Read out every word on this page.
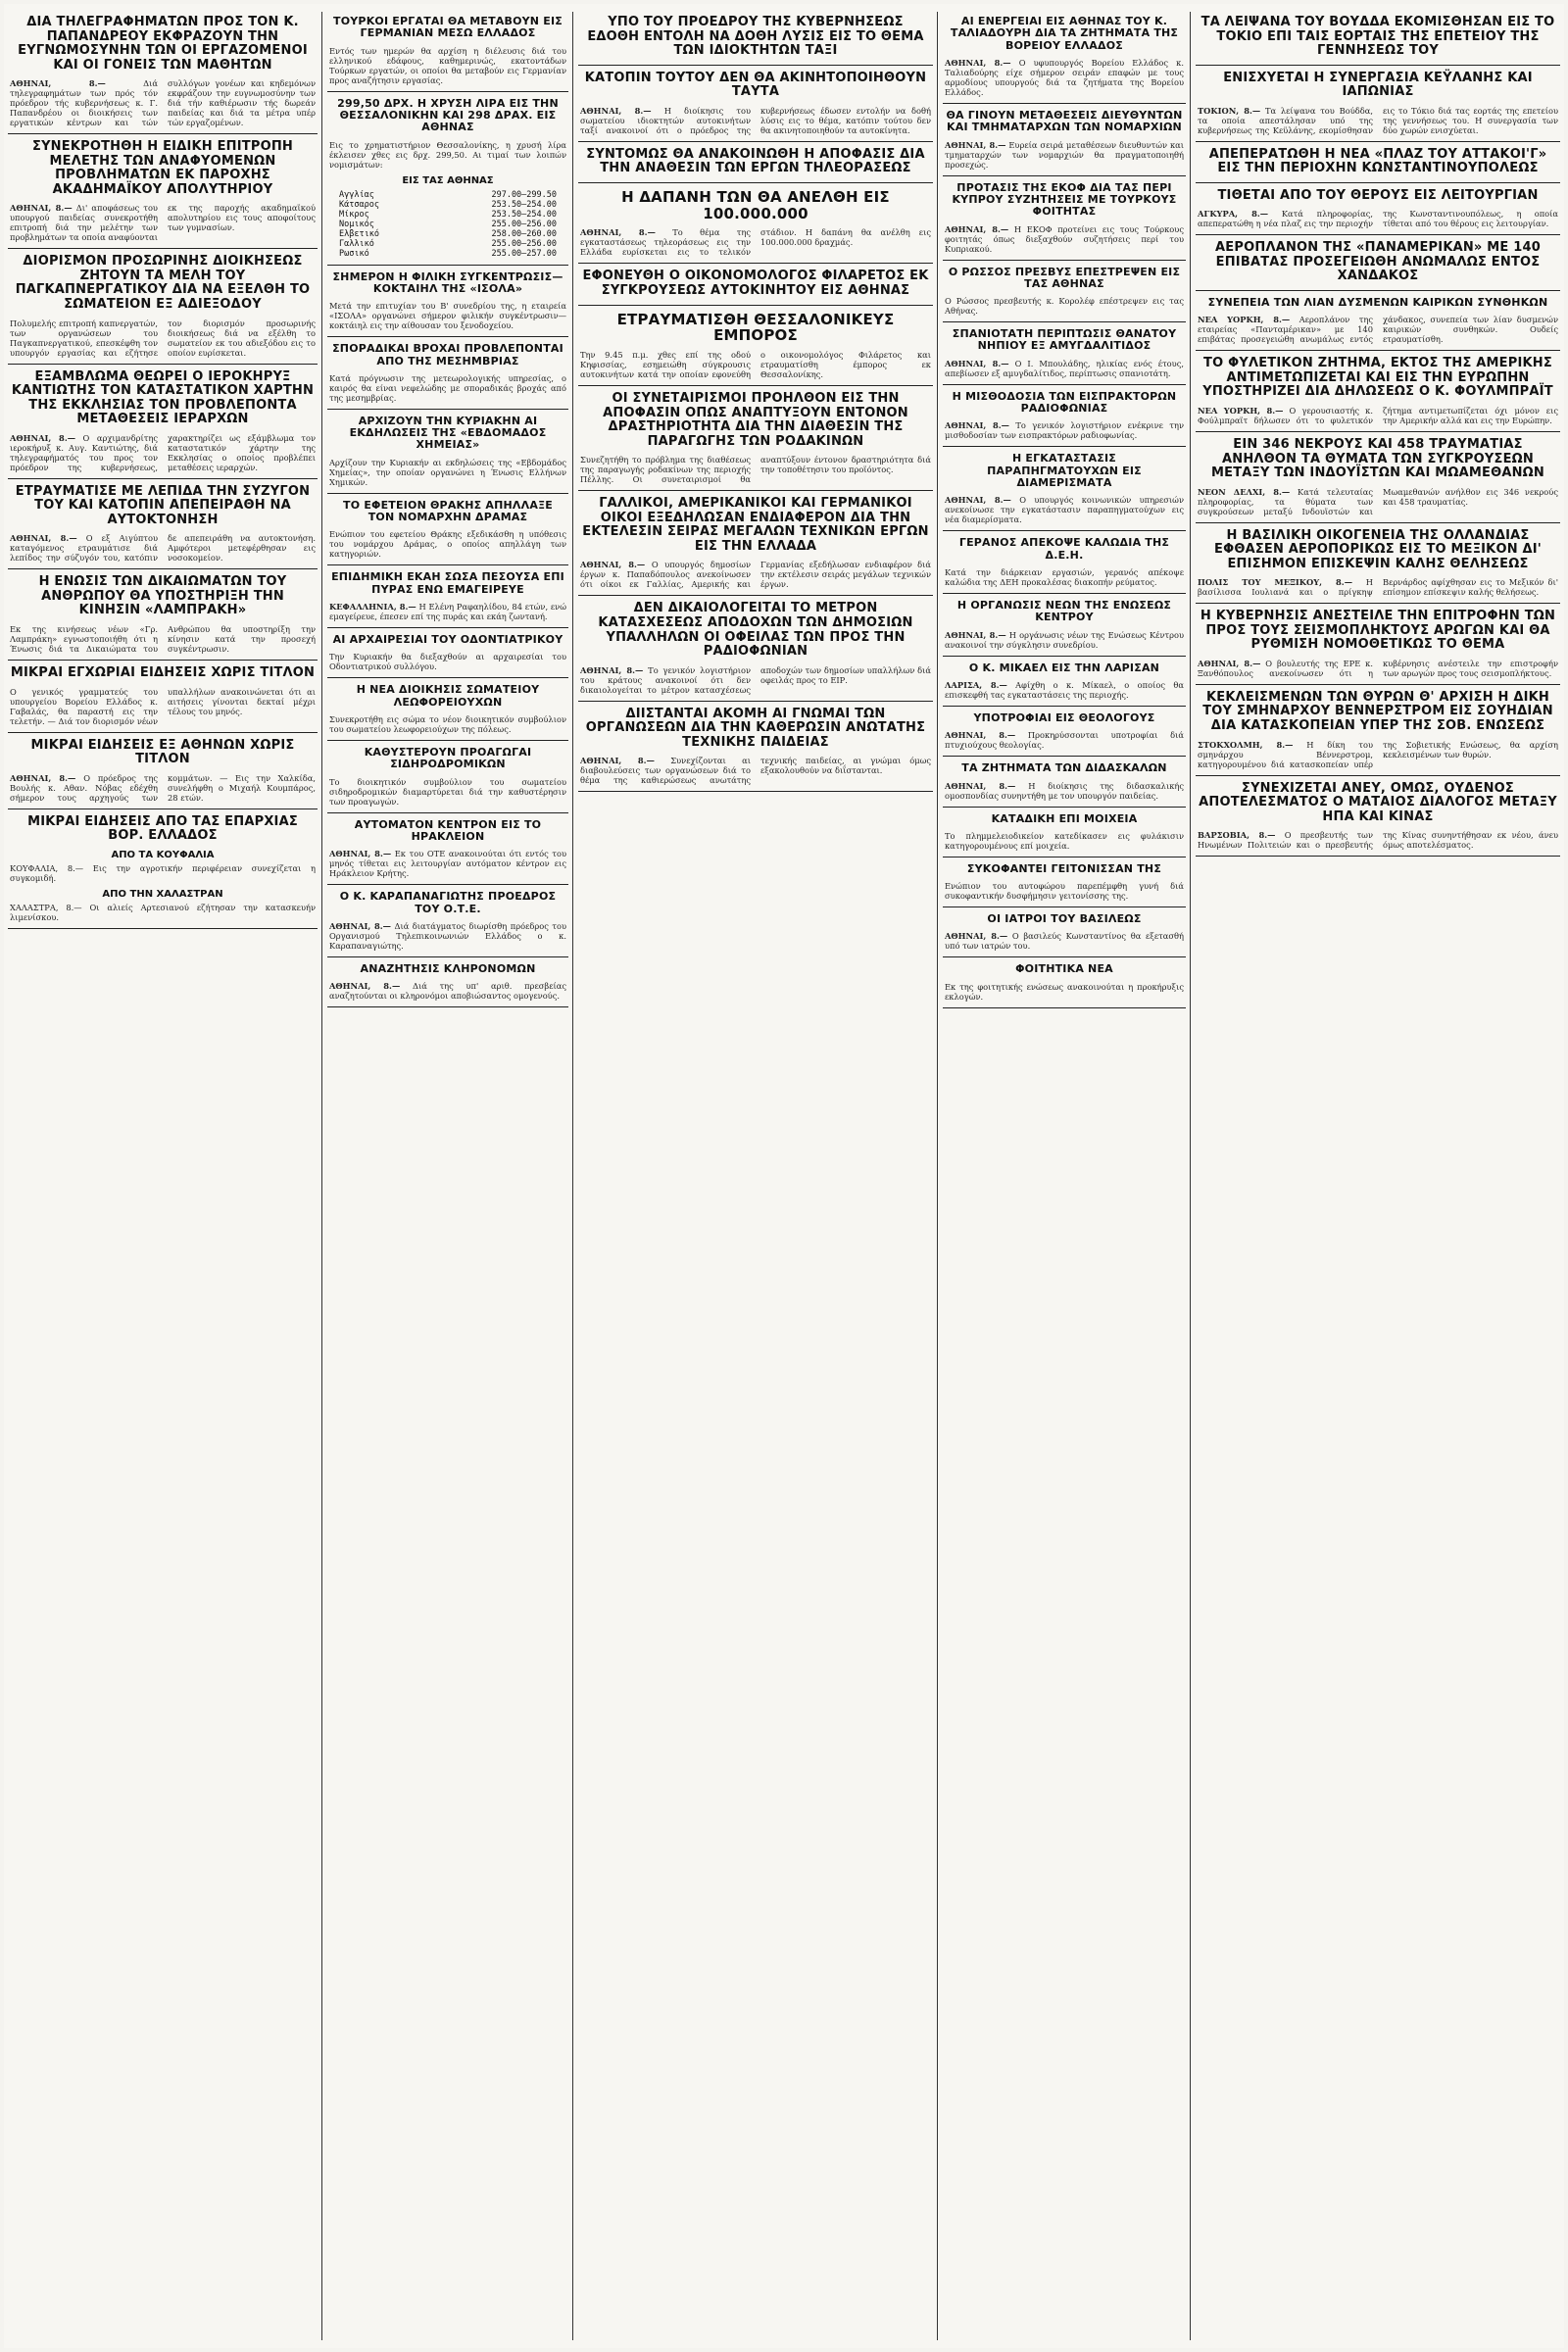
ΔΙΑ ΤΗΛΕΓΡΑΦΗΜΑΤΩΝ ΠΡΟΣ ΤΟΝ Κ. ΠΑΠΑΝΔΡΕΟΥ ΕΚΦΡΑΖΟΥΝ ΤΗΝ ΕΥΓΝΩΜΟΣΥΝΗΝ ΤΩΝ ΟΙ ΕΡΓΑΖΟΜΕΝΟΙ ΚΑΙ ΟΙ ΓΟΝΕΙΣ ΤΩΝ ΜΑΘΗΤΩΝ
ΑΘΗΝΑΙ, 8.—	Διά τηλεγραφημάτων των πρός τόν πρόεδρον τής κυβερνήσεως κ. Γ. Παπανδρέου οι διοικήσεις των εργατικών κέντρων και τών συλλόγων γονέων και κηδεμόνων εκφράζουν την ευγνωμοσύνην των διά τήν καθιέρωσιν τής δωρεάν παιδείας και διά τα μέτρα υπέρ τών εργαζομένων.
ΣΥΝΕΚΡΟΤΗΘΗ Η ΕΙΔΙΚΗ ΕΠΙΤΡΟΠΗ ΜΕΛΕΤΗΣ ΤΩΝ ΑΝΑΦΥΟΜΕΝΩΝ ΠΡΟΒΛΗΜΑΤΩΝ ΕΚ ΠΑΡΟΧΗΣ ΑΚΑΔΗΜΑΪΚΟΥ ΑΠΟΛΥΤΗΡΙΟΥ
ΑΘΗΝΑΙ, 8.— Δι' αποφάσεως του υπουργού παιδείας συνεκροτήθη επιτροπή διά την μελέτην των προβλημάτων τα οποία αναφύονται εκ της παροχής ακαδημαϊκού απολυτηρίου εις τους αποφοίτους των γυμνασίων.
ΔΙΟΡΙΣΜΟΝ ΠΡΟΣΩΡΙΝΗΣ ΔΙΟΙΚΗΣΕΩΣ ΖΗΤΟΥΝ ΤΑ ΜΕΛΗ ΤΟΥ ΠΑΓΚΑΠΝΕΡΓΑΤΙΚΟΥ ΔΙΑ ΝΑ ΕΞΕΛΘΗ ΤΟ ΣΩΜΑΤΕΙΟΝ ΕΞ ΑΔΙΕΞΟΔΟΥ
Πολυμελής επιτροπή καπνεργατών, των οργανώσεων του Παγκαπνεργατικού, επεσκέφθη τον υπουργόν εργασίας και εζήτησε τον διορισμόν προσωρινής διοικήσεως διά να εξέλθη το σωματείον εκ του αδιεξόδου εις το οποίον ευρίσκεται.
ΕΞΑΜΒΛΩΜΑ ΘΕΩΡΕΙ Ο ΙΕΡΟΚΗΡΥΞ ΚΑΝΤΙΩΤΗΣ ΤΟΝ ΚΑΤΑΣΤΑΤΙΚΟΝ ΧΑΡΤΗΝ ΤΗΣ ΕΚΚΛΗΣΙΑΣ ΤΟΝ ΠΡΟΒΛΕΠΟΝΤΑ ΜΕΤΑΘΕΣΕΙΣ ΙΕΡΑΡΧΩΝ
ΑΘΗΝΑΙ, 8.— Ο αρχιμανδρίτης ιεροκήρυξ κ. Αυγ. Καντιώτης, διά τηλεγραφήματός του προς τον πρόεδρον της κυβερνήσεως, χαρακτηρίζει ως εξάμβλωμα τον καταστατικόν χάρτην της Εκκλησίας ο οποίος προβλέπει μεταθέσεις ιεραρχών.
ΕΤΡΑΥΜΑΤΙΣΕ ΜΕ ΛΕΠΙΔΑ ΤΗΝ ΣΥΖΥΓΟΝ ΤΟΥ ΚΑΙ ΚΑΤΟΠΙΝ ΑΠΕΠΕΙΡΑΘΗ ΝΑ ΑΥΤΟΚΤΟΝΗΣΗ
ΑΘΗΝΑΙ, 8.— Ο εξ Αιγύπτου καταγόμενος ετραυμάτισε διά λεπίδος την σύζυγόν του, κατόπιν δε απεπειράθη να αυτοκτονήση. Αμφότεροι μετεφέρθησαν εις νοσοκομείον.
Η ΕΝΩΣΙΣ ΤΩΝ ΔΙΚΑΙΩΜΑΤΩΝ ΤΟΥ ΑΝΘΡΩΠΟΥ ΘΑ ΥΠΟΣΤΗΡΙΞΗ ΤΗΝ ΚΙΝΗΣΙΝ «ΛΑΜΠΡΑΚΗ»
Εκ της κινήσεως νέων «Γρ. Λαμπράκη» εγνωστοποιήθη ότι η Ένωσις διά τα Δικαιώματα του Ανθρώπου θα υποστηρίξη την κίνησιν κατά την προσεχή συγκέντρωσιν.
ΜΙΚΡΑΙ ΕΓΧΩΡΙΑΙ ΕΙΔΗΣΕΙΣ ΧΩΡΙΣ ΤΙΤΛΟΝ
Ο γενικός γραμματεύς του υπουργείου Βορείου Ελλάδος κ. Γαβαλάς, θα παραστή εις την τελετήν. — Διά τον διορισμόν νέων υπαλλήλων ανακοινώνεται ότι αι αιτήσεις γίνονται δεκταί μέχρι τέλους του μηνός.
ΜΙΚΡΑΙ ΕΙΔΗΣΕΙΣ ΕΞ ΑΘΗΝΩΝ ΧΩΡΙΣ ΤΙΤΛΟΝ
ΑΘΗΝΑΙ, 8.— Ο πρόεδρος της Βουλής κ. Αθαν. Νόβας εδέχθη σήμερον τους αρχηγούς των κομμάτων. — Εις την Χαλκίδα, συνελήφθη ο Μιχαήλ Κουμπάρος, 28 ετών.
ΜΙΚΡΑΙ ΕΙΔΗΣΕΙΣ ΑΠΟ ΤΑΣ ΕΠΑΡΧΙΑΣ ΒΟΡ. ΕΛΛΑΔΟΣ
ΑΠΟ ΤΑ ΚΟΥΦΑΛΙΑ
ΚΟΥΦΑΛΙΑ, 8.— Εις την αγροτικήν περιφέρειαν συνεχίζεται η συγκομιδή.
ΑΠΟ ΤΗΝ ΧΑΛΑΣΤΡΑΝ
ΧΑΛΑΣΤΡΑ, 8.— Οι αλιείς Αρτεσιανού εζήτησαν την κατασκευήν λιμενίσκου.
ΤΟΥΡΚΟΙ ΕΡΓΑΤΑΙ ΘΑ ΜΕΤΑΒΟΥΝ ΕΙΣ ΓΕΡΜΑΝΙΑΝ ΜΕΣΩ ΕΛΛΑΔΟΣ
Εντός των ημερών θα αρχίση η διέλευσις διά του ελληνικού εδάφους, καθημερινώς, εκατοντάδων Τούρκων εργατών, οι οποίοι θα μεταβούν εις Γερμανίαν προς αναζήτησιν εργασίας.
299,50 ΔΡΧ. Η ΧΡΥΣΗ ΛΙΡΑ ΕΙΣ ΤΗΝ ΘΕΣΣΑΛΟΝΙΚΗΝ ΚΑΙ 298 ΔΡΑΧ. ΕΙΣ ΑΘΗΝΑΣ
Εις το χρηματιστήριον Θεσσαλονίκης, η χρυσή λίρα έκλεισεν χθες εις δρχ. 299,50. Αι τιμαί των λοιπών νομισμάτων:
ΕΙΣ ΤΑΣ ΑΘΗΝΑΣ
Αγγλίας	297.00—299.50
Κάτσαρος	253.50—254.00
Μίκρος	253.50—254.00
Νομικός	255.00—256.00
Ελβετικό	258.00—260.00
Γαλλικό	255.00—256.00
Ρωσικό	255.00—257.00
ΣΗΜΕΡΟΝ Η ΦΙΛΙΚΗ ΣΥΓΚΕΝΤΡΩΣΙΣ—ΚΟΚΤΑΙΗΛ ΤΗΣ «ΙΣΟΛΑ»
Μετά την επιτυχίαν του Β' συνεδρίου της, η εταιρεία «ΙΣΟΛΑ» οργανώνει σήμερον φιλικήν συγκέντρωσιν—κοκτάιηλ εις την αίθουσαν του ξενοδοχείου.
ΣΠΟΡΑΔΙΚΑΙ ΒΡΟΧΑΙ ΠΡΟΒΛΕΠΟΝΤΑΙ ΑΠΟ ΤΗΣ ΜΕΣΗΜΒΡΙΑΣ
Κατά πρόγνωσιν της μετεωρολογικής υπηρεσίας, ο καιρός θα είναι νεφελώδης με σποραδικάς βροχάς από της μεσημβρίας.
ΑΡΧΙΖΟΥΝ ΤΗΝ ΚΥΡΙΑΚΗΝ ΑΙ ΕΚΔΗΛΩΣΕΙΣ ΤΗΣ «ΕΒΔΟΜΑΔΟΣ ΧΗΜΕΙΑΣ»
Αρχίζουν την Κυριακήν αι εκδηλώσεις της «Εβδομάδος Χημείας», την οποίαν οργανώνει η Ένωσις Ελλήνων Χημικών.
ΤΟ ΕΦΕΤΕΙΟΝ ΘΡΑΚΗΣ ΑΠΗΛΛΑΞΕ ΤΟΝ ΝΟΜΑΡΧΗΝ ΔΡΑΜΑΣ
Ενώπιον του εφετείου Θράκης εξεδικάσθη η υπόθεσις του νομάρχου Δράμας, ο οποίος απηλλάγη των κατηγοριών.
ΕΠΙΔΗΜΙΚΗ ΕΚΑΗ ΣΩΣΑ ΠΕΣΟΥΣΑ ΕΠΙ ΠΥΡΑΣ ΕΝΩ ΕΜΑΓΕΙΡΕΥΕ
ΚΕΦΑΛΛΗΝΙΑ, 8.— Η Ελένη Ραφαηλίδου, 84 ετών, ενώ εμαγείρευε, έπεσεν επί της πυράς και εκάη ζωντανή.
ΑΙ ΑΡΧΑΙΡΕΣΙΑΙ ΤΟΥ ΟΔΟΝΤΙΑΤΡΙΚΟΥ
Την Κυριακήν θα διεξαχθούν αι αρχαιρεσίαι του Οδοντιατρικού συλλόγου.
Η ΝΕΑ ΔΙΟΙΚΗΣΙΣ ΣΩΜΑΤΕΙΟΥ ΛΕΩΦΟΡΕΙΟΥΧΩΝ
Συνεκροτήθη εις σώμα το νέον διοικητικόν συμβούλιον του σωματείου λεωφορειούχων της πόλεως.
ΚΑΘΥΣΤΕΡΟΥΝ ΠΡΟΑΓΩΓΑΙ ΣΙΔΗΡΟΔΡΟΜΙΚΩΝ
Το διοικητικόν συμβούλιον του σωματείου σιδηροδρομικών διαμαρτύρεται διά την καθυστέρησιν των προαγωγών.
ΑΥΤΟΜΑΤΟΝ ΚΕΝΤΡΟΝ ΕΙΣ ΤΟ ΗΡΑΚΛΕΙΟΝ
ΑΘΗΝΑΙ, 8.— Εκ του ΟΤΕ ανακοινούται ότι εντός του μηνός τίθεται εις λειτουργίαν αυτόματον κέντρον εις Ηράκλειον Κρήτης.
Ο Κ. ΚΑΡΑΠΑΝΑΓΙΩΤΗΣ ΠΡΟΕΔΡΟΣ ΤΟΥ Ο.Τ.Ε.
ΑΘΗΝΑΙ, 8.— Διά διατάγματος διωρίσθη πρόεδρος του Οργανισμού Τηλεπικοινωνιών Ελλάδος ο κ. Καραπαναγιώτης.
ΑΝΑΖΗΤΗΣΙΣ ΚΛΗΡΟΝΟΜΩΝ
ΑΘΗΝΑΙ, 8.— Διά της υπ' αριθ. πρεσβείας αναζητούνται οι κληρονόμοι αποβιώσαντος ομογενούς.
ΥΠΟ ΤΟΥ ΠΡΟΕΔΡΟΥ ΤΗΣ ΚΥΒΕΡΝΗΣΕΩΣ ΕΔΟΘΗ ΕΝΤΟΛΗ ΝΑ ΔΟΘΗ ΛΥΣΙΣ ΕΙΣ ΤΟ ΘΕΜΑ ΤΩΝ ΙΔΙΟΚΤΗΤΩΝ ΤΑΞΙ
ΚΑΤΟΠΙΝ ΤΟΥΤΟΥ ΔΕΝ ΘΑ ΑΚΙΝΗΤΟΠΟΙΗΘΟΥΝ ΤΑΥΤΑ
ΑΘΗΝΑΙ, 8.— Η διοίκησις του σωματείου ιδιοκτητών αυτοκινήτων ταξί ανακοινοί ότι ο πρόεδρος της κυβερνήσεως έδωσεν εντολήν να δοθή λύσις εις το θέμα, κατόπιν τούτου δεν θα ακινητοποιηθούν τα αυτοκίνητα.
ΣΥΝΤΟΜΩΣ ΘΑ ΑΝΑΚΟΙΝΩΘΗ Η ΑΠΟΦΑΣΙΣ ΔΙΑ ΤΗΝ ΑΝΑΘΕΣΙΝ ΤΩΝ ΕΡΓΩΝ ΤΗΛΕΟΡΑΣΕΩΣ
Η ΔΑΠΑΝΗ ΤΩΝ ΘΑ ΑΝΕΛΘΗ ΕΙΣ 100.000.000
ΑΘΗΝΑΙ, 8.— Το θέμα της εγκαταστάσεως τηλεοράσεως εις την Ελλάδα ευρίσκεται εις το τελικόν στάδιον. Η δαπάνη θα ανέλθη εις 100.000.000 δραχμάς.
ΕΦΟΝΕΥΘΗ Ο ΟΙΚΟΝΟΜΟΛΟΓΟΣ ΦΙΛΑΡΕΤΟΣ ΕΚ ΣΥΓΚΡΟΥΣΕΩΣ ΑΥΤΟΚΙΝΗΤΟΥ ΕΙΣ ΑΘΗΝΑΣ
ΕΤΡΑΥΜΑΤΙΣΘΗ ΘΕΣΣΑΛΟΝΙΚΕΥΣ ΕΜΠΟΡΟΣ
Την 9.45 π.μ. χθες επί της οδού Κηφισσίας, εσημειώθη σύγκρουσις αυτοκινήτων κατά την οποίαν εφονεύθη ο οικονομολόγος Φιλάρετος και ετραυματίσθη έμπορος εκ Θεσσαλονίκης.
ΟΙ ΣΥΝΕΤΑΙΡΙΣΜΟΙ ΠΡΟΗΛΘΟΝ ΕΙΣ ΤΗΝ ΑΠΟΦΑΣΙΝ ΟΠΩΣ ΑΝΑΠΤΥΞΟΥΝ ΕΝΤΟΝΟΝ ΔΡΑΣΤΗΡΙΟΤΗΤΑ ΔΙΑ ΤΗΝ ΔΙΑΘΕΣΙΝ ΤΗΣ ΠΑΡΑΓΩΓΗΣ ΤΩΝ ΡΟΔΑΚΙΝΩΝ
Συνεζητήθη το πρόβλημα της διαθέσεως της παραγωγής ροδακίνων της περιοχής Πέλλης. Οι συνεταιρισμοί θα αναπτύξουν έντονον δραστηριότητα διά την τοποθέτησιν του προϊόντος.
ΓΑΛΛΙΚΟΙ, ΑΜΕΡΙΚΑΝΙΚΟΙ ΚΑΙ ΓΕΡΜΑΝΙΚΟΙ ΟΙΚΟΙ ΕΞΕΔΗΛΩΣΑΝ ΕΝΔΙΑΦΕΡΟΝ ΔΙΑ ΤΗΝ ΕΚΤΕΛΕΣΙΝ ΣΕΙΡΑΣ ΜΕΓΑΛΩΝ ΤΕΧΝΙΚΩΝ ΕΡΓΩΝ ΕΙΣ ΤΗΝ ΕΛΛΑΔΑ
ΑΘΗΝΑΙ, 8.— Ο υπουργός δημοσίων έργων κ. Παπαδόπουλος ανεκοίνωσεν ότι οίκοι εκ Γαλλίας, Αμερικής και Γερμανίας εξεδήλωσαν ενδιαφέρον διά την εκτέλεσιν σειράς μεγάλων τεχνικών έργων.
ΔΕΝ ΔΙΚΑΙΟΛΟΓΕΙΤΑΙ ΤΟ ΜΕΤΡΟΝ ΚΑΤΑΣΧΕΣΕΩΣ ΑΠΟΔΟΧΩΝ ΤΩΝ ΔΗΜΟΣΙΩΝ ΥΠΑΛΛΗΛΩΝ ΟΙ ΟΦΕΙΛΑΣ ΤΩΝ ΠΡΟΣ ΤΗΝ ΡΑΔΙΟΦΩΝΙΑΝ
ΑΘΗΝΑΙ, 8.— Το γενικόν λογιστήριον του κράτους ανακοινοί ότι δεν δικαιολογείται το μέτρον κατασχέσεως αποδοχών των δημοσίων υπαλλήλων διά οφειλάς προς το ΕΙΡ.
ΔΙΙΣΤΑΝΤΑΙ ΑΚΟΜΗ ΑΙ ΓΝΩΜΑΙ ΤΩΝ ΟΡΓΑΝΩΣΕΩΝ ΔΙΑ ΤΗΝ ΚΑΘΕΡΩΣΙΝ ΑΝΩΤΑΤΗΣ ΤΕΧΝΙΚΗΣ ΠΑΙΔΕΙΑΣ
ΑΘΗΝΑΙ, 8.— Συνεχίζονται αι διαβουλεύσεις των οργανώσεων διά το θέμα της καθιερώσεως ανωτάτης τεχνικής παιδείας, αι γνώμαι όμως εξακολουθούν να διΐστανται.
ΑΙ ΕΝΕΡΓΕΙΑΙ ΕΙΣ ΑΘΗΝΑΣ ΤΟΥ Κ. ΤΑΛΙΑΔΟΥΡΗ ΔΙΑ ΤΑ ΖΗΤΗΜΑΤΑ ΤΗΣ ΒΟΡΕΙΟΥ ΕΛΛΑΔΟΣ
ΑΘΗΝΑΙ, 8.— Ο υφυπουργός Βορείου Ελλάδος κ. Ταλιαδούρης είχε σήμερον σειράν επαφών με τους αρμοδίους υπουργούς διά τα ζητήματα της Βορείου Ελλάδος.
ΘΑ ΓΙΝΟΥΝ ΜΕΤΑΘΕΣΕΙΣ ΔΙΕΥΘΥΝΤΩΝ ΚΑΙ ΤΜΗΜΑΤΑΡΧΩΝ ΤΩΝ ΝΟΜΑΡΧΙΩΝ
ΑΘΗΝΑΙ, 8.— Ευρεία σειρά μεταθέσεων διευθυντών και τμηματαρχών των νομαρχιών θα πραγματοποιηθή προσεχώς.
ΠΡΟΤΑΣΙΣ ΤΗΣ ΕΚΟΦ ΔΙΑ ΤΑΣ ΠΕΡΙ ΚΥΠΡΟΥ ΣΥΖΗΤΗΣΕΙΣ ΜΕ ΤΟΥΡΚΟΥΣ ΦΟΙΤΗΤΑΣ
ΑΘΗΝΑΙ, 8.— Η ΕΚΟΦ προτείνει εις τους Τούρκους φοιτητάς όπως διεξαχθούν συζητήσεις περί του Κυπριακού.
Ο ΡΩΣΣΟΣ ΠΡΕΣΒΥΣ ΕΠΕΣΤΡΕΨΕΝ ΕΙΣ ΤΑΣ ΑΘΗΝΑΣ
Ο Ρώσσος πρεσβευτής κ. Κορολέφ επέστρεψεν εις τας Αθήνας.
ΣΠΑΝΙΟΤΑΤΗ ΠΕΡΙΠΤΩΣΙΣ ΘΑΝΑΤΟΥ ΝΗΠΙΟΥ ΕΞ ΑΜΥΓΔΑΛΙΤΙΔΟΣ
ΑΘΗΝΑΙ, 8.— Ο Ι. Μπουλάδης, ηλικίας ενός έτους, απεβίωσεν εξ αμυγδαλίτιδος, περίπτωσις σπανιοτάτη.
Η ΜΙΣΘΟΔΟΣΙΑ ΤΩΝ ΕΙΣΠΡΑΚΤΟΡΩΝ ΡΑΔΙΟΦΩΝΙΑΣ
ΑΘΗΝΑΙ, 8.— Το γενικόν λογιστήριον ενέκρινε την μισθοδοσίαν των εισπρακτόρων ραδιοφωνίας.
Η ΕΓΚΑΤΑΣΤΑΣΙΣ ΠΑΡΑΠΗΓΜΑΤΟΥΧΩΝ ΕΙΣ ΔΙΑΜΕΡΙΣΜΑΤΑ
ΑΘΗΝΑΙ, 8.— Ο υπουργός κοινωνικών υπηρεσιών ανεκοίνωσε την εγκατάστασιν παραπηγματούχων εις νέα διαμερίσματα.
ΓΕΡΑΝΟΣ ΑΠΕΚΟΨΕ ΚΑΛΩΔΙΑ ΤΗΣ Δ.Ε.Η.
Κατά την διάρκειαν εργασιών, γερανός απέκοψε καλώδια της ΔΕΗ προκαλέσας διακοπήν ρεύματος.
Η ΟΡΓΑΝΩΣΙΣ ΝΕΩΝ ΤΗΣ ΕΝΩΣΕΩΣ ΚΕΝΤΡΟΥ
ΑΘΗΝΑΙ, 8.— Η οργάνωσις νέων της Ενώσεως Κέντρου ανακοινοί την σύγκλησιν συνεδρίου.
Ο Κ. ΜΙΚΑΕΛ ΕΙΣ ΤΗΝ ΛΑΡΙΣΑΝ
ΛΑΡΙΣΑ, 8.— Αφίχθη ο κ. Μίκαελ, ο οποίος θα επισκεφθή τας εγκαταστάσεις της περιοχής.
ΥΠΟΤΡΟΦΙΑΙ ΕΙΣ ΘΕΟΛΟΓΟΥΣ
ΑΘΗΝΑΙ, 8.— Προκηρύσσονται υποτροφίαι διά πτυχιούχους θεολογίας.
ΤΑ ΖΗΤΗΜΑΤΑ ΤΩΝ ΔΙΔΑΣΚΑΛΩΝ
ΑΘΗΝΑΙ, 8.— Η διοίκησις της διδασκαλικής ομοσπονδίας συνηντήθη με τον υπουργόν παιδείας.
ΚΑΤΑΔΙΚΗ ΕΠΙ ΜΟΙΧΕΙΑ
Το πλημμελειοδικείον κατεδίκασεν εις φυλάκισιν κατηγορουμένους επί μοιχεία.
ΣΥΚΟΦΑΝΤΕΙ ΓΕΙΤΟΝΙΣΣΑΝ ΤΗΣ
Ενώπιον του αυτοφώρου παρεπέμφθη γυνή διά συκοφαντικήν δυσφήμησιν γειτονίσσης της.
ΟΙ ΙΑΤΡΟΙ ΤΟΥ ΒΑΣΙΛΕΩΣ
ΑΘΗΝΑΙ, 8.— Ο βασιλεύς Κωνσταντίνος θα εξετασθή υπό των ιατρών του.
ΦΟΙΤΗΤΙΚΑ ΝΕΑ
Εκ της φοιτητικής ενώσεως ανακοινούται η προκήρυξις εκλογών.
ΤΑ ΛΕΙΨΑΝΑ ΤΟΥ ΒΟΥΔΔΑ ΕΚΟΜΙΣΘΗΣΑΝ ΕΙΣ ΤΟ ΤΟΚΙΟ ΕΠΙ ΤΑΙΣ ΕΟΡΤΑΙΣ ΤΗΣ ΕΠΕΤΕΙΟΥ ΤΗΣ ΓΕΝΝΗΣΕΩΣ ΤΟΥ
ΕΝΙΣΧΥΕΤΑΙ Η ΣΥΝΕΡΓΑΣΙΑ ΚΕΫΛΑΝΗΣ ΚΑΙ ΙΑΠΩΝΙΑΣ
ΤΟΚΙΟΝ, 8.— Τα λείψανα του Βούδδα, τα οποία απεστάλησαν υπό της κυβερνήσεως της Κεϋλάνης, εκομίσθησαν εις το Τόκιο διά τας εορτάς της επετείου της γεννήσεως του. Η συνεργασία των δύο χωρών ενισχύεται.
ΑΠΕΠΕΡΑΤΩΘΗ Η ΝΕΑ «ΠΛΑΖ ΤΟΥ ΑΤΤΑΚΟΙ'Γ» ΕΙΣ ΤΗΝ ΠΕΡΙΟΧΗΝ ΚΩΝΣΤΑΝΤΙΝΟΥΠΟΛΕΩΣ
ΤΙΘΕΤΑΙ ΑΠΟ ΤΟΥ ΘΕΡΟΥΣ ΕΙΣ ΛΕΙΤΟΥΡΓΙΑΝ
ΑΓΚΥΡΑ, 8.— Κατά πληροφορίας, απεπερατώθη η νέα πλαζ εις την περιοχήν της Κωνσταντινουπόλεως, η οποία τίθεται από του θέρους εις λειτουργίαν.
ΑΕΡΟΠΛΑΝΟΝ ΤΗΣ «ΠΑΝΑΜΕΡΙΚΑΝ» ΜΕ 140 ΕΠΙΒΑΤΑΣ ΠΡΟΣΕΓΕΙΩΘΗ ΑΝΩΜΑΛΩΣ ΕΝΤΟΣ ΧΑΝΔΑΚΟΣ
ΣΥΝΕΠΕΙΑ ΤΩΝ ΛΙΑΝ ΔΥΣΜΕΝΩΝ ΚΑΙΡΙΚΩΝ ΣΥΝΘΗΚΩΝ
ΝΕΑ ΥΟΡΚΗ, 8.— Αεροπλάνον της εταιρείας «Πανταμέρικαν» με 140 επιβάτας προσεγειώθη ανωμάλως εντός χάνδακος, συνεπεία των λίαν δυσμενών καιρικών συνθηκών. Ουδείς ετραυματίσθη.
ΤΟ ΦΥΛΕΤΙΚΟΝ ΖΗΤΗΜΑ, ΕΚΤΟΣ ΤΗΣ ΑΜΕΡΙΚΗΣ ΑΝΤΙΜΕΤΩΠΙΖΕΤΑΙ ΚΑΙ ΕΙΣ ΤΗΝ ΕΥΡΩΠΗΝ ΥΠΟΣΤΗΡΙΖΕΙ ΔΙΑ ΔΗΛΩΣΕΩΣ Ο Κ. ΦΟΥΛΜΠΡΑΪΤ
ΝΕΑ ΥΟΡΚΗ, 8.— Ο γερουσιαστής κ. Φούλμπραϊτ δήλωσεν ότι το φυλετικόν ζήτημα αντιμετωπίζεται όχι μόνον εις την Αμερικήν αλλά και εις την Ευρώπην.
ΕΙΝ 346 ΝΕΚΡΟΥΣ ΚΑΙ 458 ΤΡΑΥΜΑΤΙΑΣ ΑΝΗΛΘΟΝ ΤΑ ΘΥΜΑΤΑ ΤΩΝ ΣΥΓΚΡΟΥΣΕΩΝ ΜΕΤΑΞΥ ΤΩΝ ΙΝΔΟΥΪΣΤΩΝ ΚΑΙ ΜΩΑΜΕΘΑΝΩΝ
ΝΕΟΝ ΔΕΛΧΙ, 8.— Κατά τελευταίας πληροφορίας, τα θύματα των συγκρούσεων μεταξύ Ινδουϊστών και Μωαμεθανών ανήλθον εις 346 νεκρούς και 458 τραυματίας.
Η ΒΑΣΙΛΙΚΗ ΟΙΚΟΓΕΝΕΙΑ ΤΗΣ ΟΛΛΑΝΔΙΑΣ ΕΦΘΑΣΕΝ ΑΕΡΟΠΟΡΙΚΩΣ ΕΙΣ ΤΟ ΜΕΞΙΚΟΝ ΔΙ' ΕΠΙΣΗΜΟΝ ΕΠΙΣΚΕΨΙΝ ΚΑΛΗΣ ΘΕΛΗΣΕΩΣ
ΠΟΛΙΣ ΤΟΥ ΜΕΞΙΚΟΥ, 8.— Η βασίλισσα Ιουλιανά και ο πρίγκηψ Βερνάρδος αφίχθησαν εις το Μεξικόν δι' επίσημον επίσκεψιν καλής θελήσεως.
Η ΚΥΒΕΡΝΗΣΙΣ ΑΝΕΣΤΕΙΛΕ ΤΗΝ ΕΠΙΤΡΟΦΗΝ ΤΩΝ ΠΡΟΣ ΤΟΥΣ ΣΕΙΣΜΟΠΛΗΚΤΟΥΣ ΑΡΩΓΩΝ ΚΑΙ ΘΑ ΡΥΘΜΙΣΗ ΝΟΜΟΘΕΤΙΚΩΣ ΤΟ ΘΕΜΑ
ΑΘΗΝΑΙ, 8.— Ο βουλευτής της ΕΡΕ κ. Ξανθόπουλος ανεκοίνωσεν ότι η κυβέρνησις ανέστειλε την επιστροφήν των αρωγών προς τους σεισμοπλήκτους.
ΚΕΚΛΕΙΣΜΕΝΩΝ ΤΩΝ ΘΥΡΩΝ Θ' ΑΡΧΙΣΗ Η ΔΙΚΗ ΤΟΥ ΣΜΗΝΑΡΧΟΥ ΒΕΝΝΕΡΣΤΡΟΜ ΕΙΣ ΣΟΥΗΔΙΑΝ ΔΙΑ ΚΑΤΑΣΚΟΠΕΙΑΝ ΥΠΕΡ ΤΗΣ ΣΟΒ. ΕΝΩΣΕΩΣ
ΣΤΟΚΧΟΛΜΗ, 8.— Η δίκη του σμηνάρχου Βέννερστρομ, κατηγορουμένου διά κατασκοπείαν υπέρ της Σοβιετικής Ενώσεως, θα αρχίση κεκλεισμένων των θυρών.
ΣΥΝΕΧΙΖΕΤΑΙ ΑΝΕΥ, ΟΜΩΣ, ΟΥΔΕΝΟΣ ΑΠΟΤΕΛΕΣΜΑΤΟΣ Ο ΜΑΤΑΙΟΣ ΔΙΑΛΟΓΟΣ ΜΕΤΑΞΥ ΗΠΑ ΚΑΙ ΚΙΝΑΣ
ΒΑΡΣΟΒΙΑ, 8.— Ο πρεσβευτής των Ηνωμένων Πολιτειών και ο πρεσβευτής της Κίνας συνηντήθησαν εκ νέου, άνευ όμως αποτελέσματος.
